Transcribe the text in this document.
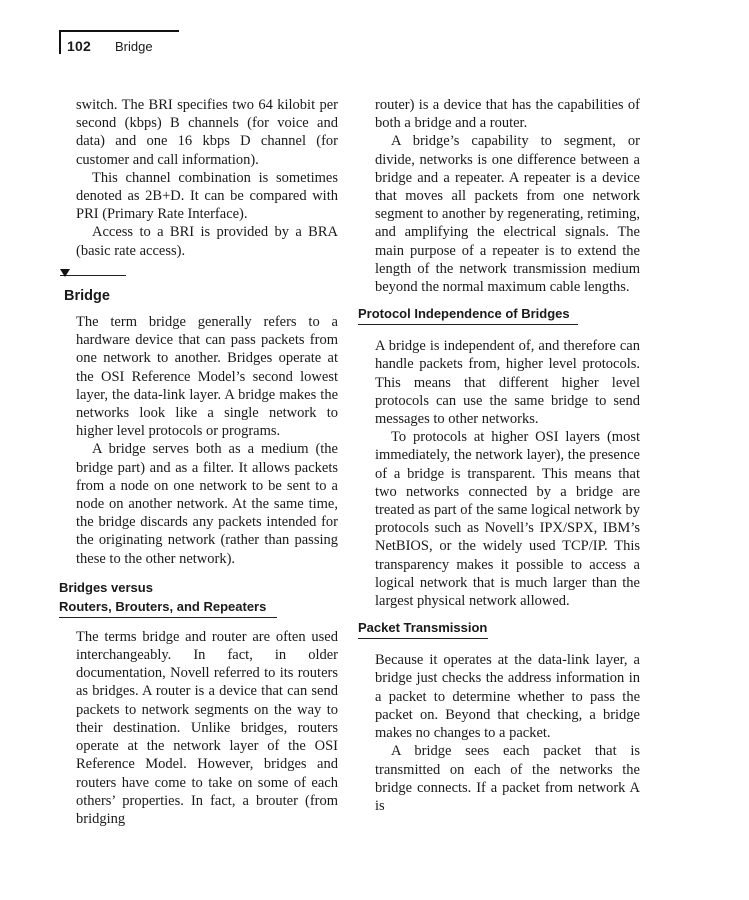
102 Bridge

switch. The BRI specifies two 64 kilobit per second (kbps) B channels (for voice and data) and one 16 kbps D channel (for customer and call information).

This channel combination is sometimes denoted as 2B+D. It can be compared with PRI (Primary Rate Interface).

Access to a BRI is provided by a BRA (basic rate access).

Bridge

The term bridge generally refers to a hardware device that can pass packets from one network to another. Bridges operate at the OSI Reference Model’s second lowest layer, the data-link layer. A bridge makes the networks look like a single network to higher level protocols or programs.

A bridge serves both as a medium (the bridge part) and as a filter. It allows packets from a node on one network to be sent to a node on another network. At the same time, the bridge discards any packets intended for the originating network (rather than passing these to the other network).

Bridges versus
Routers, Brouters, and Repeaters

The terms bridge and router are often used interchangeably. In fact, in older documentation, Novell referred to its routers as bridges. A router is a device that can send packets to network segments on the way to their destination. Unlike bridges, routers operate at the network layer of the OSI Reference Model. However, bridges and routers have come to take on some of each others’ properties. In fact, a brouter (from bridging

router) is a device that has the capabilities of both a bridge and a router.

A bridge’s capability to segment, or divide, networks is one difference between a bridge and a repeater. A repeater is a device that moves all packets from one network segment to another by regenerating, retiming, and amplifying the electrical signals. The main purpose of a repeater is to extend the length of the network transmission medium beyond the normal maximum cable lengths.

Protocol Independence of Bridges

A bridge is independent of, and therefore can handle packets from, higher level protocols. This means that different higher level protocols can use the same bridge to send messages to other networks.

To protocols at higher OSI layers (most immediately, the network layer), the presence of a bridge is transparent. This means that two networks connected by a bridge are treated as part of the same logical network by protocols such as Novell’s IPX/SPX, IBM’s NetBIOS, or the widely used TCP/IP. This transparency makes it possible to access a logical network that is much larger than the largest physical network allowed.

Packet Transmission

Because it operates at the data-link layer, a bridge just checks the address information in a packet to determine whether to pass the packet on. Beyond that checking, a bridge makes no changes to a packet.

A bridge sees each packet that is transmitted on each of the networks the bridge connects. If a packet from network A is
